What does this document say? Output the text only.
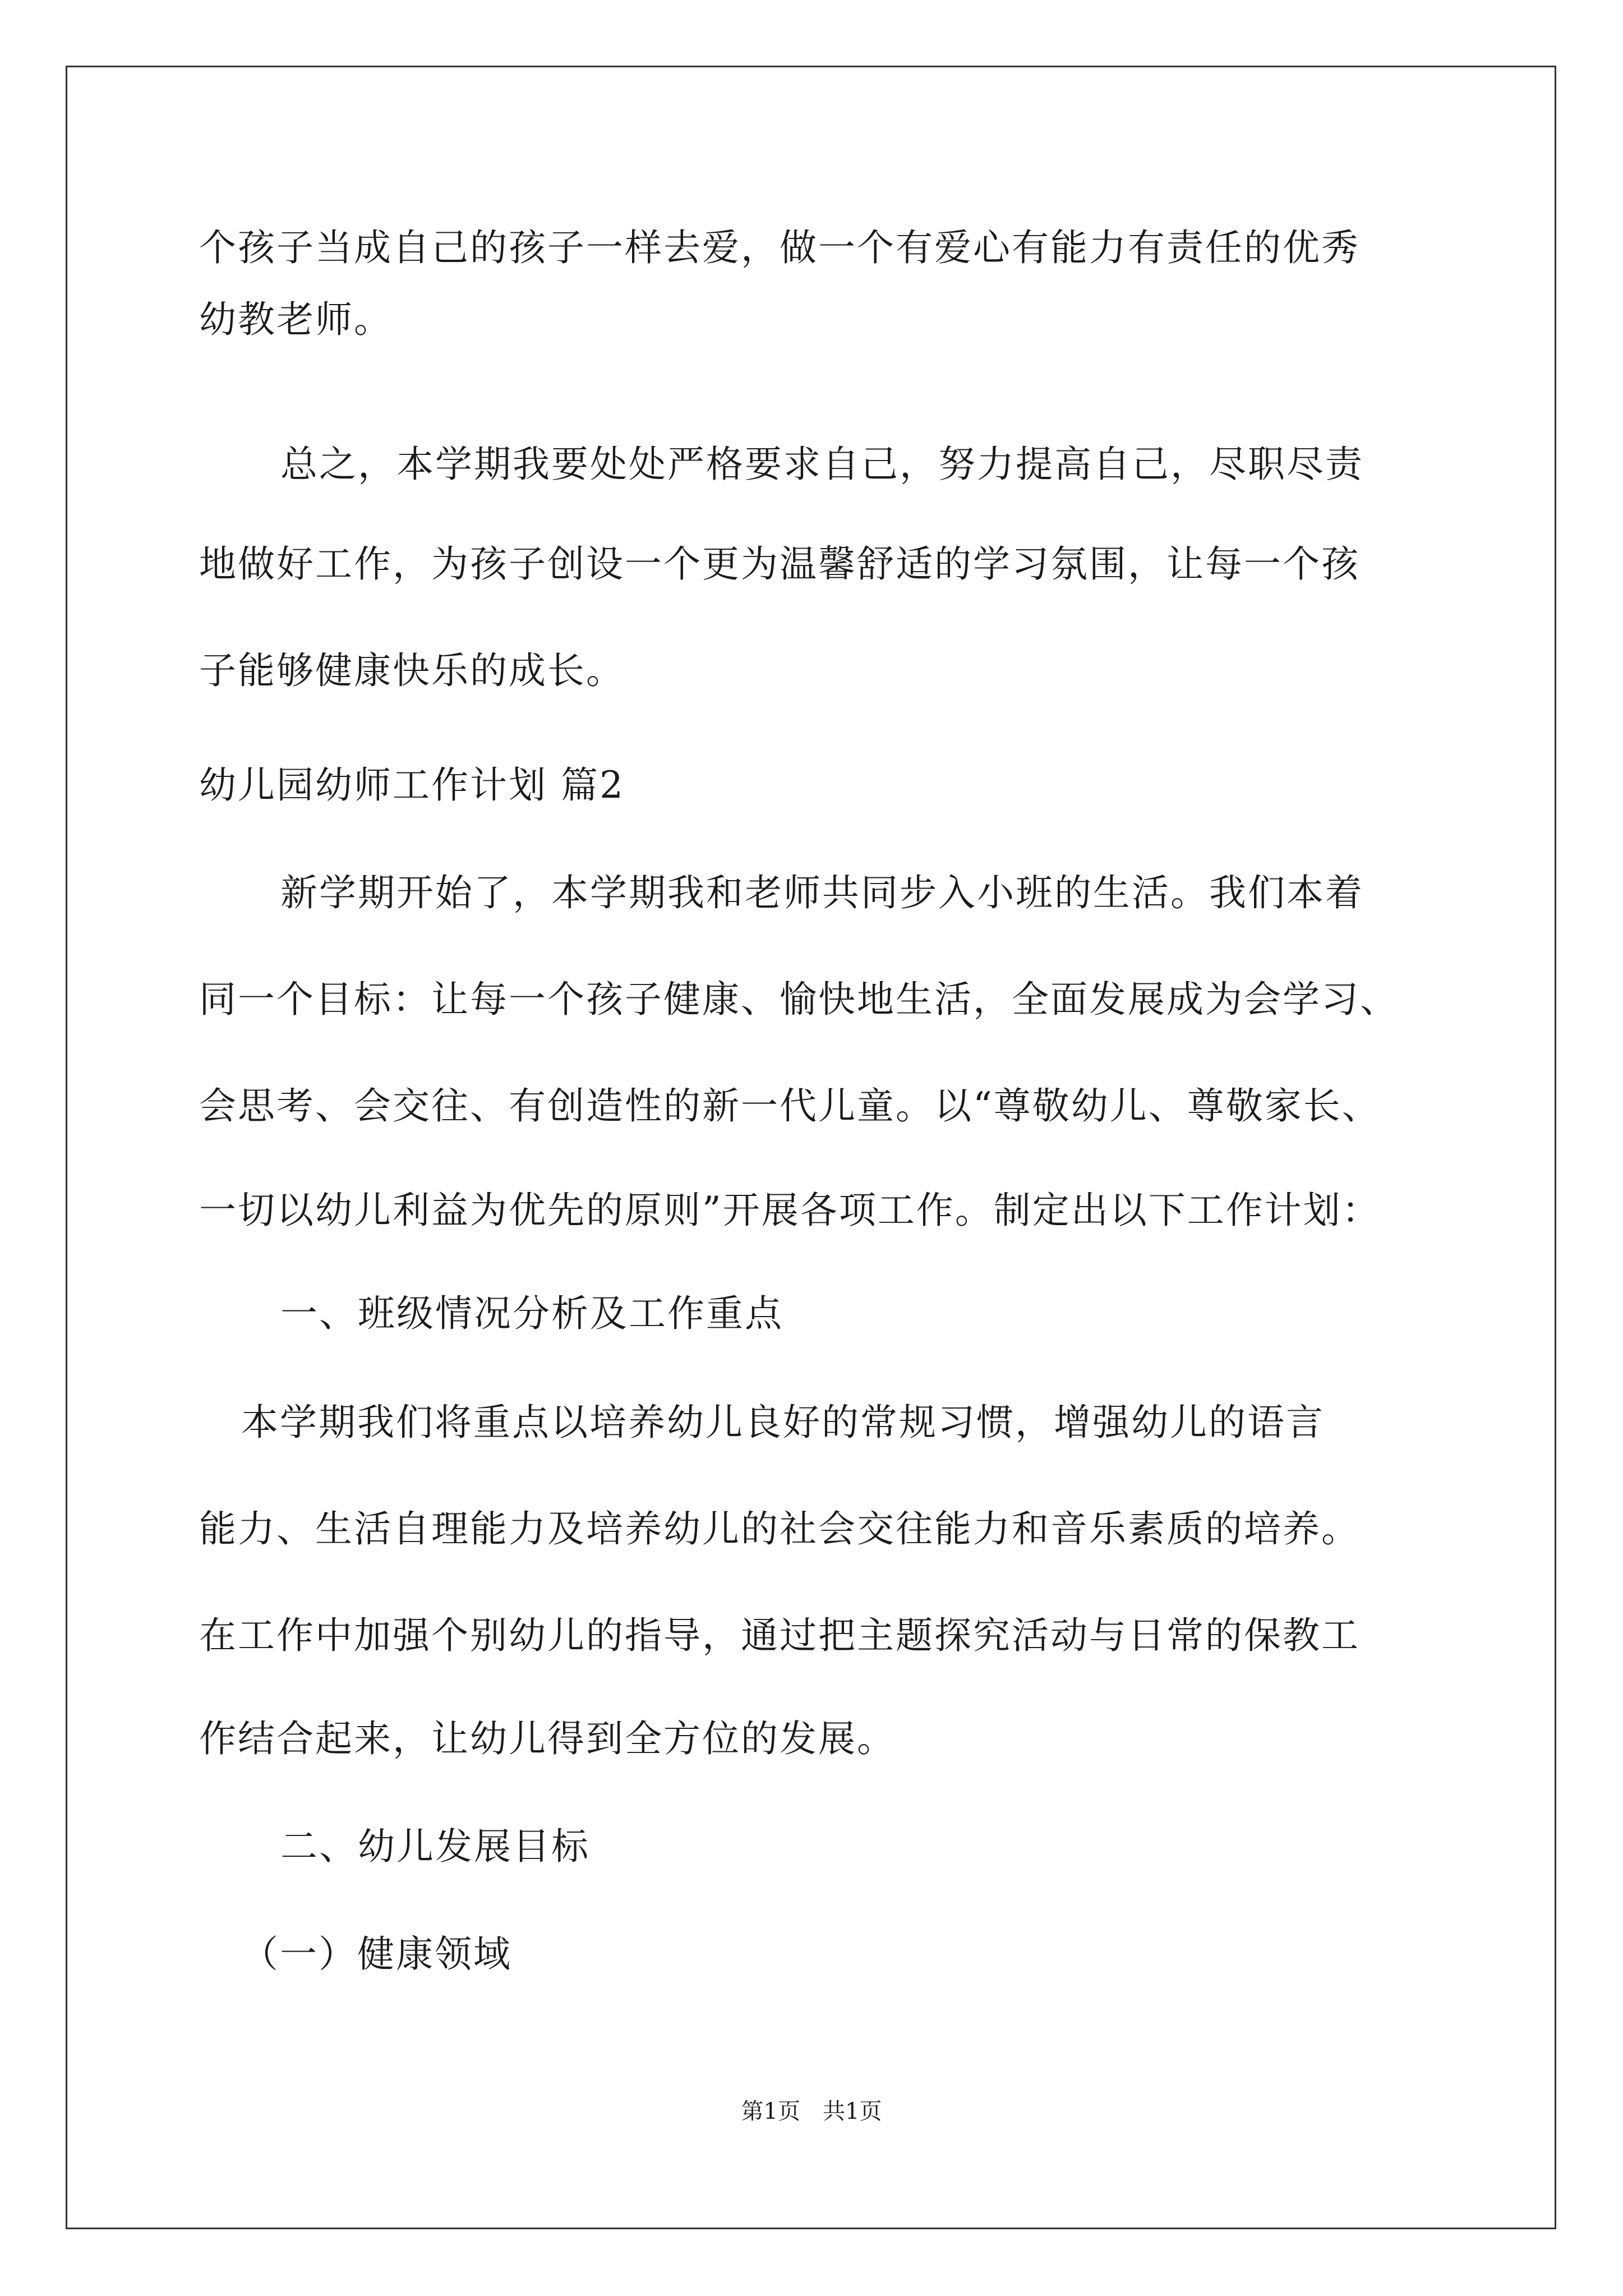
个孩子当成自己的孩子一样去爱，做一个有爱心有能力有责任的优秀
幼教老师。
总之，本学期我要处处严格要求自己，努力提高自己，尽职尽责
地做好工作，为孩子创设一个更为温馨舒适的学习氛围，让每一个孩
子能够健康快乐的成长。
幼儿园幼师工作计划 篇2
新学期开始了，本学期我和老师共同步入小班的生活。我们本着
同一个目标：让每一个孩子健康、愉快地生活，全面发展成为会学习、
会思考、会交往、有创造性的新一代儿童。以“尊敬幼儿、尊敬家长、
一切以幼儿利益为优先的原则”开展各项工作。制定出以下工作计划：
一、班级情况分析及工作重点
本学期我们将重点以培养幼儿良好的常规习惯，增强幼儿的语言
能力、生活自理能力及培养幼儿的社会交往能力和音乐素质的培养。
在工作中加强个别幼儿的指导，通过把主题探究活动与日常的保教工
作结合起来，让幼儿得到全方位的发展。
二、幼儿发展目标
（一）健康领域
第1页 共1页
